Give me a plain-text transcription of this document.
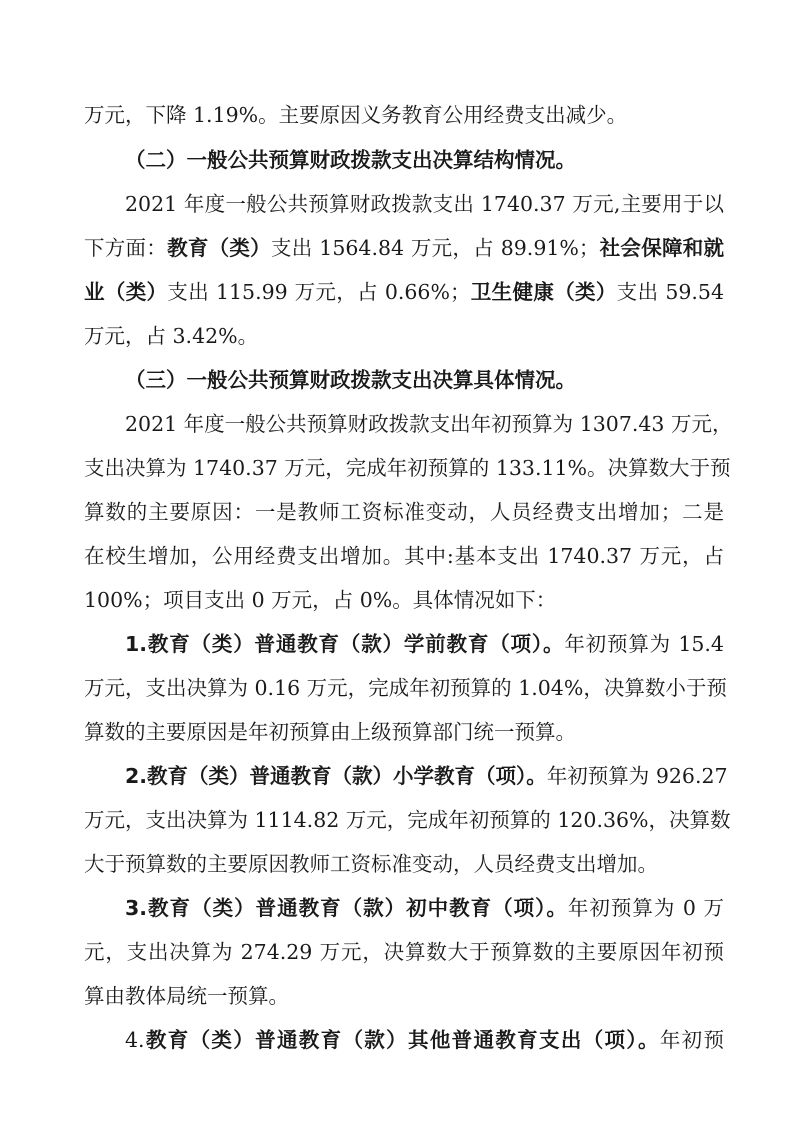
万元，下降 1.19%。主要原因义务教育公用经费支出减少。
（二）一般公共预算财政拨款支出决算结构情况。
2021 年度一般公共预算财政拨款支出 1740.37 万元,主要用于以
下方面：教育（类）支出 1564.84 万元，占 89.91%；社会保障和就
业（类）支出 115.99 万元，占 0.66%；卫生健康（类）支出 59.54
万元，占 3.42%。
（三）一般公共预算财政拨款支出决算具体情况。
2021 年度一般公共预算财政拨款支出年初预算为 1307.43 万元，
支出决算为 1740.37 万元，完成年初预算的 133.11%。决算数大于预
算数的主要原因：一是教师工资标准变动，人员经费支出增加；二是
在校生增加，公用经费支出增加。其中:基本支出 1740.37 万元，占
100%；项目支出 0 万元，占 0%。具体情况如下：
1.教育（类）普通教育（款）学前教育（项）。年初预算为 15.4
万元，支出决算为 0.16 万元，完成年初预算的 1.04%，决算数小于预
算数的主要原因是年初预算由上级预算部门统一预算。
2.教育（类）普通教育（款）小学教育（项）。年初预算为 926.27
万元，支出决算为 1114.82 万元，完成年初预算的 120.36%，决算数
大于预算数的主要原因教师工资标准变动，人员经费支出增加。
3.教育（类）普通教育（款）初中教育（项）。年初预算为 0 万
元，支出决算为 274.29 万元，决算数大于预算数的主要原因年初预
算由教体局统一预算。
4.教育（类）普通教育（款）其他普通教育支出（项）。年初预
